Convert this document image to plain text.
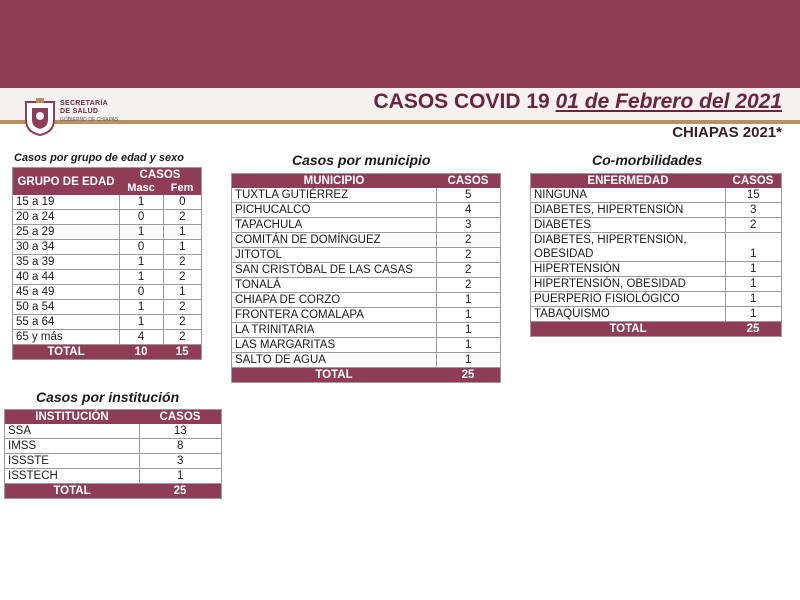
SECRETARÍA
DE SALUD
GOBIERNO DE CHIAPAS
CASOS COVID 19 01 de Febrero del 2021
CHIAPAS 2021*
Casos por grupo de edad y sexo
GRUPO DE EDAD	CASOS	
	Masc	Fem
15 a 19	1	0
20 a 24	0	2
25 a 29	1	1
30 a 34	0	1
35 a 39	1	2
40 a 44	1	2
45 a 49	0	1
50 a 54	1	2
55 a 64	1	2
65 y más	4	2
TOTAL	10	15
Casos por municipio
MUNICIPIO	CASOS
TUXTLA GUTIÉRREZ	5
PICHUCALCO	4
TAPACHULA	3
COMITÁN DE DOMÍNGUEZ	2
JITOTOL	2
SAN CRISTÓBAL DE LAS CASAS	2
TONALÁ	2
CHIAPA DE CORZO	1
FRONTERA COMALAPA	1
LA TRINITARIA	1
LAS MARGARITAS	1
SALTO DE AGUA	1
TOTAL	25
Co-morbilidades
ENFERMEDAD	CASOS
NINGUNA	15
DIABETES, HIPERTENSIÓN	3
DIABETES	2

DIABETES, HIPERTENSIÓN,
OBESIDAD	1
HIPERTENSIÓN	1
HIPERTENSIÓN, OBESIDAD	1
PUERPERIO FISIOLÓGICO	1
TABAQUISMO	1
TOTAL	25
Casos por institución
INSTITUCIÓN	CASOS
SSA	13
IMSS	8
ISSSTE	3
ISSTECH	1
TOTAL	25
